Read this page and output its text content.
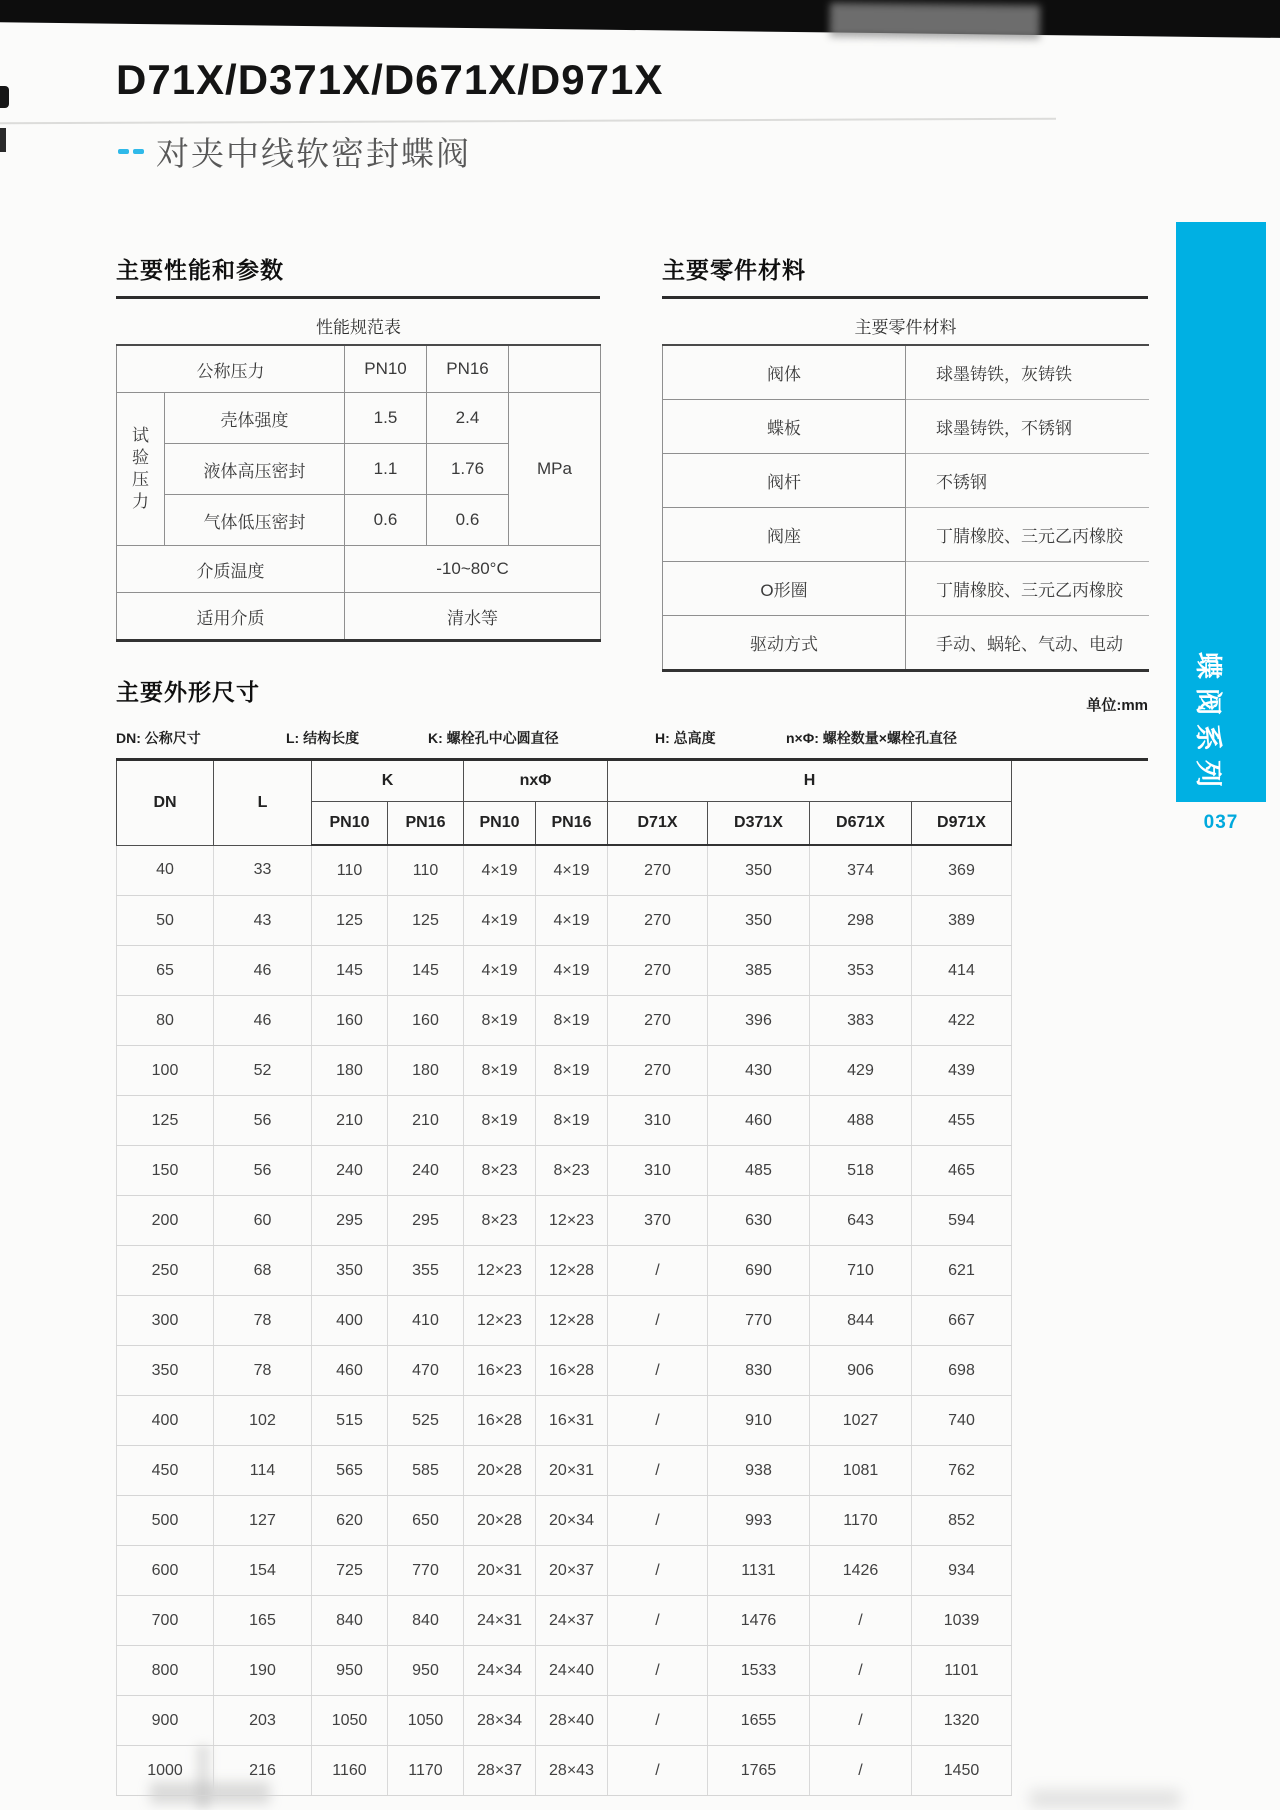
D71X/D371X/D671X/D971X
对夹中线软密封蝶阀
主要性能和参数	主要零件材料
性能规范表				
公称压力		PN10	PN16	
试验压力	壳体强度	1.5	2.4	MPa
	液体高压密封	1.1	1.76	
	气体低压密封	0.6	0.6	
介质温度		-10~80°C		
适用介质		清水等		
主要零件材料	
阀体	球墨铸铁，灰铸铁
蝶板	球墨铸铁，不锈钢
阀杆	不锈钢
阀座	丁腈橡胶、三元乙丙橡胶
O形圈	丁腈橡胶、三元乙丙橡胶
驱动方式	手动、蜗轮、气动、电动
主要外形尺寸
单位:mm
DN: 公称尺寸	L: 结构长度	K: 螺栓孔中心圆直径	H: 总高度	n×Φ: 螺栓数量×螺栓孔直径
DN	L	K		nxΦ		H			
		PN10	PN16	PN10	PN16	D71X	D371X	D671X	D971X
40	33	110	110	4×19	4×19	270	350	374	369
50	43	125	125	4×19	4×19	270	350	298	389
65	46	145	145	4×19	4×19	270	385	353	414
80	46	160	160	8×19	8×19	270	396	383	422
100	52	180	180	8×19	8×19	270	430	429	439
125	56	210	210	8×19	8×19	310	460	488	455
150	56	240	240	8×23	8×23	310	485	518	465
200	60	295	295	8×23	12×23	370	630	643	594
250	68	350	355	12×23	12×28	/	690	710	621
300	78	400	410	12×23	12×28	/	770	844	667
350	78	460	470	16×23	16×28	/	830	906	698
400	102	515	525	16×28	16×31	/	910	1027	740
450	114	565	585	20×28	20×31	/	938	1081	762
500	127	620	650	20×28	20×34	/	993	1170	852
600	154	725	770	20×31	20×37	/	1131	1426	934
700	165	840	840	24×31	24×37	/	1476	/	1039
800	190	950	950	24×34	24×40	/	1533	/	1101
900	203	1050	1050	28×34	28×40	/	1655	/	1320
1000	216	1160	1170	28×37	28×43	/	1765	/	1450
蝶阀系列
037
